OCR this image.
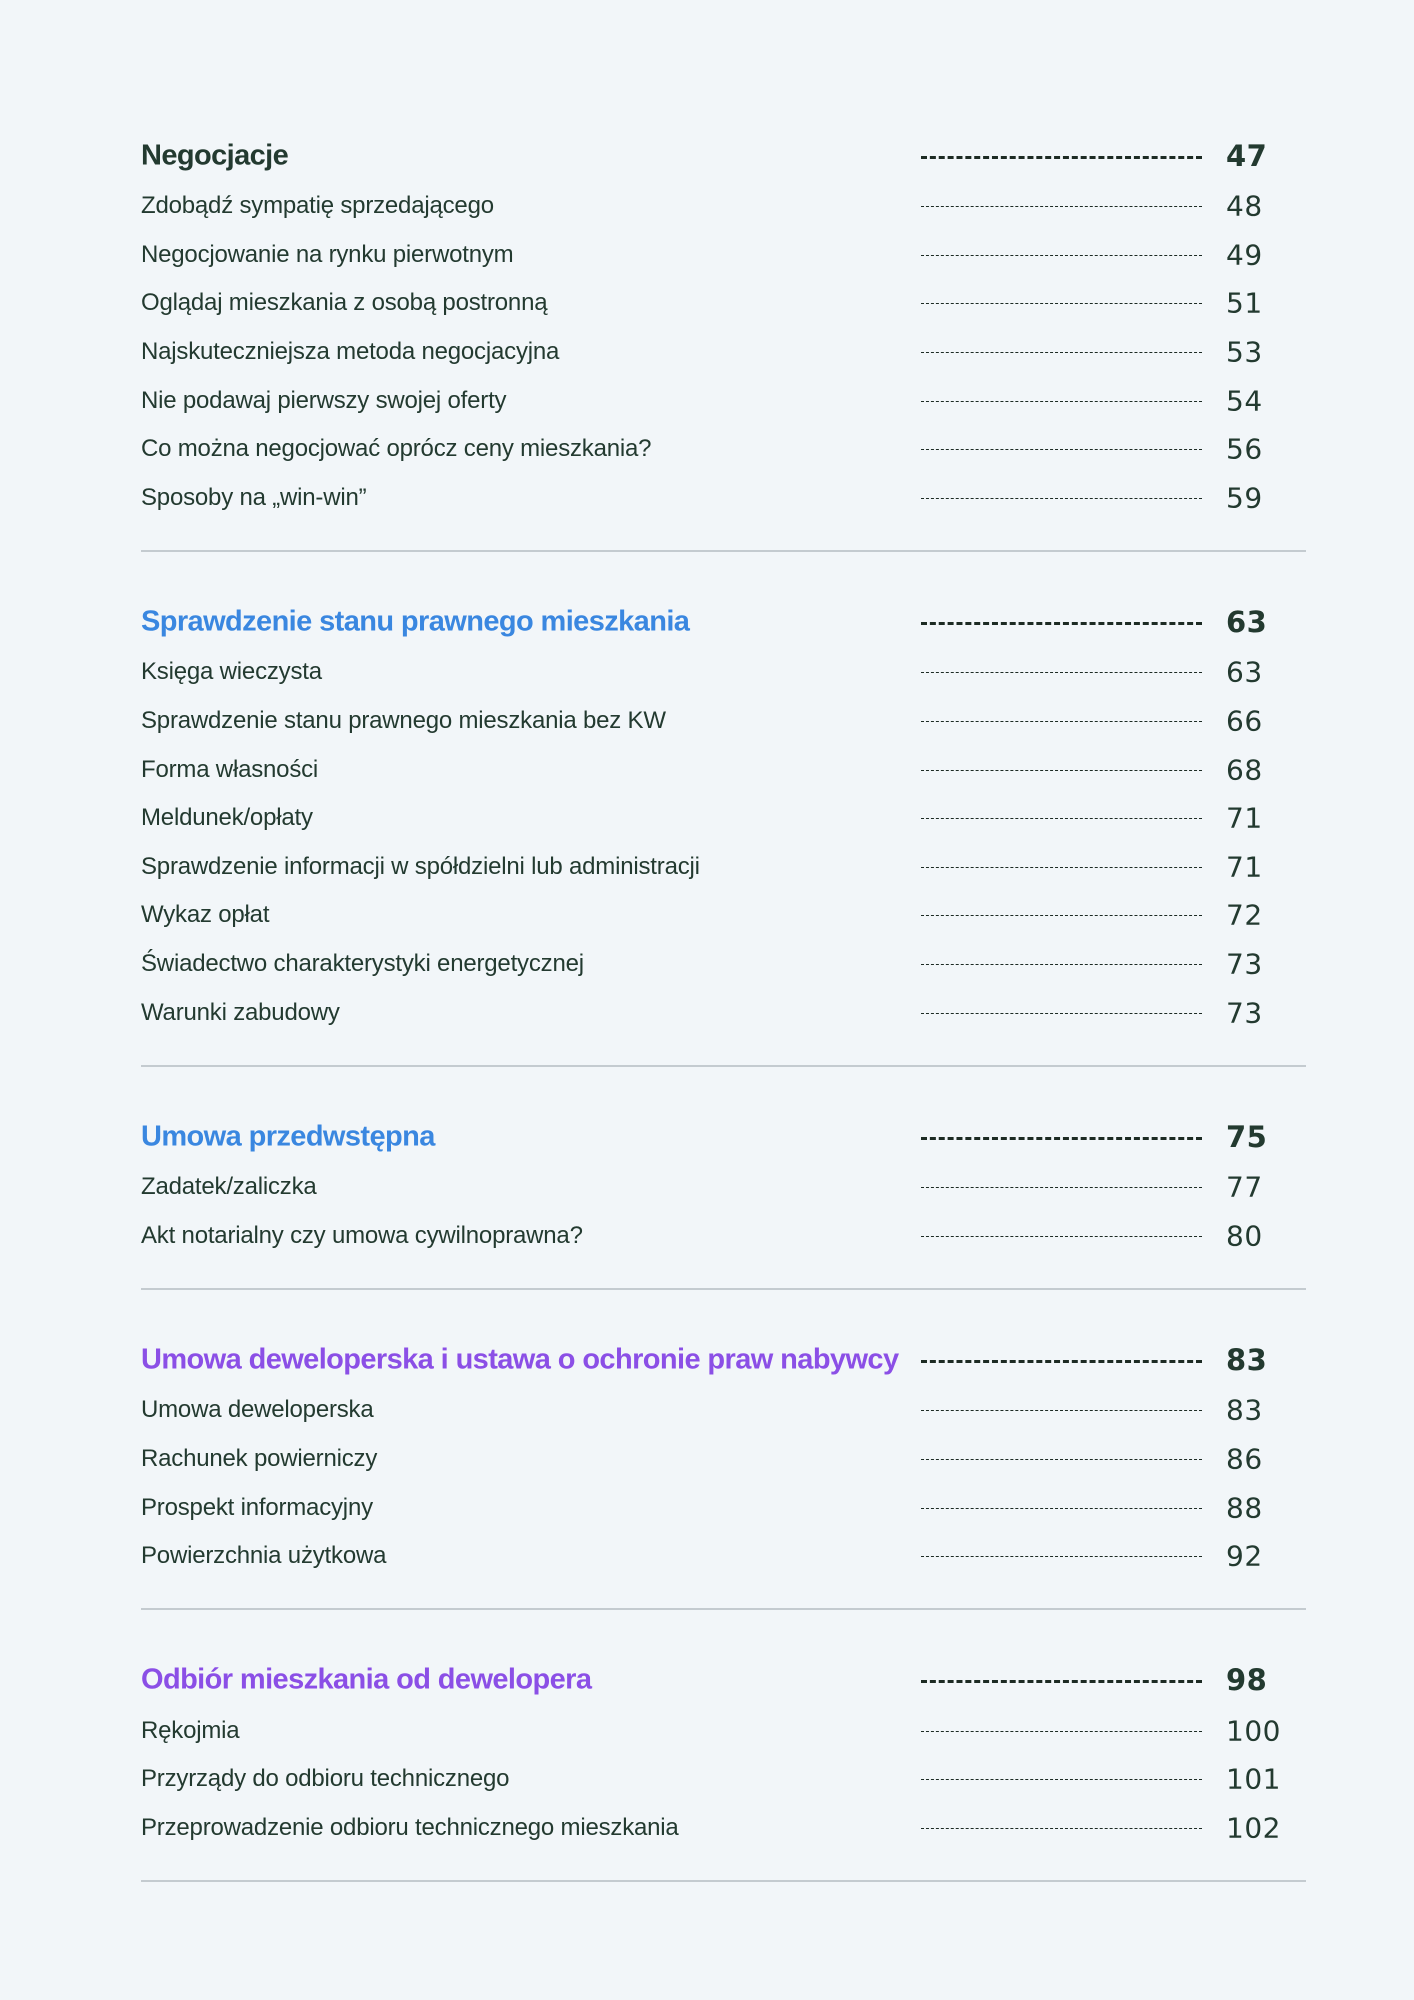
Negocjacje	47
Zdobądź sympatię sprzedającego	48
Negocjowanie na rynku pierwotnym	49
Oglądaj mieszkania z osobą postronną	51
Najskuteczniejsza metoda negocjacyjna	53
Nie podawaj pierwszy swojej oferty	54
Co można negocjować oprócz ceny mieszkania?	56
Sposoby na „win-win”	59
Sprawdzenie stanu prawnego mieszkania	63
Księga wieczysta	63
Sprawdzenie stanu prawnego mieszkania bez KW	66
Forma własności	68
Meldunek/opłaty	71
Sprawdzenie informacji w spółdzielni lub administracji	71
Wykaz opłat	72
Świadectwo charakterystyki energetycznej	73
Warunki zabudowy	73
Umowa przedwstępna	75
Zadatek/zaliczka	77
Akt notarialny czy umowa cywilnoprawna?	80
Umowa deweloperska i ustawa o ochronie praw nabywcy	83
Umowa deweloperska	83
Rachunek powierniczy	86
Prospekt informacyjny	88
Powierzchnia użytkowa	92
Odbiór mieszkania od dewelopera	98
Rękojmia	100
Przyrządy do odbioru technicznego	101
Przeprowadzenie odbioru technicznego mieszkania	102
